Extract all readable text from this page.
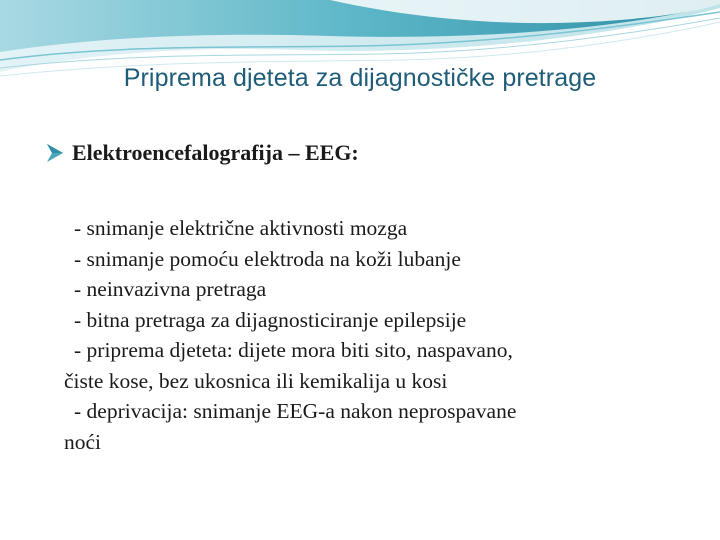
Priprema djeteta za dijagnostičke pretrage
Elektroencefalografija – EEG:
- snimanje električne aktivnosti mozga
- snimanje pomoću elektroda na koži lubanje
- neinvazivna pretraga
- bitna pretraga za dijagnosticiranje epilepsije
- priprema djeteta: dijete mora biti sito, naspavano,
čiste kose, bez ukosnica ili kemikalija u kosi
- deprivacija: snimanje EEG-a nakon neprospavane
noći
